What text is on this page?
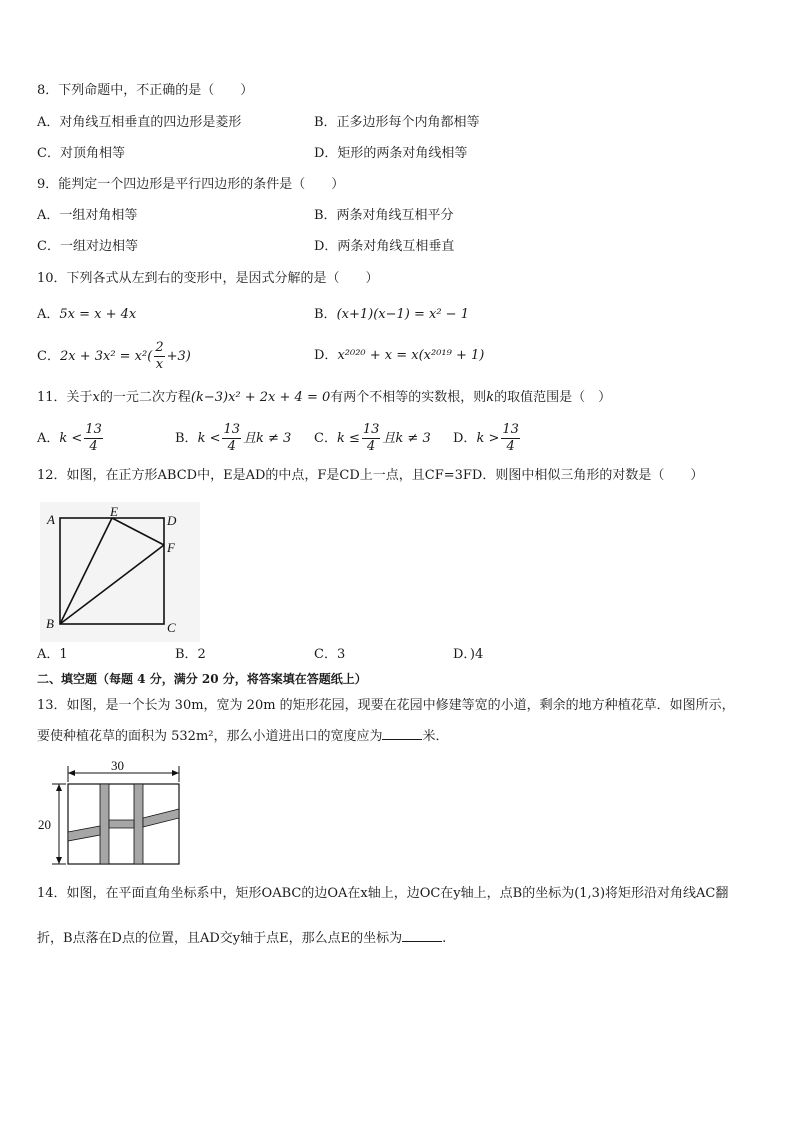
8．下列命题中，不正确的是（　　）
A．对角线互相垂直的四边形是菱形	B．正多边形每个内角都相等
C．对顶角相等	D．矩形的两条对角线相等
9．能判定一个四边形是平行四边形的条件是（　　）
A．一组对角相等	B．两条对角线互相平分
C．一组对边相等	D．两条对角线互相垂直
10．下列各式从左到右的变形中，是因式分解的是（　　）
A．5x = x + 4x	B．(x+1)(x−1) = x² − 1
C．$2x + 3x^2 = x^2( \frac{2}{x} +3)$	D．x²⁰²⁰ + x = x(x²⁰¹⁹ + 1)
11．关于x的一元二次方程(k−3)x² + 2x + 4 = 0有两个不相等的实数根，则k的取值范围是（　）
A．$k < \frac{13}{4}$	B．$k < \frac{13}{4}$ 且k ≠ 3 C．$k \le \frac{13}{4}$ 且k ≠ 3 D．$k > \frac{13}{4}$
12．如图，在正方形ABCD中，E是AD的中点，F是CD上一点，且CF=3FD．则图中相似三角形的对数是（　　）
A
E
D
F
B	C
A．1	B．2	C．3	D．)4
二、填空题（每题 4 分，满分 20 分，将答案填在答题纸上）
13．如图，是一个长为 30m，宽为 20m 的矩形花园，现要在花园中修建等宽的小道，剩余的地方种植花草．如图所示，
要使种植花草的面积为 532m²，那么小道进出口的宽度应为	米．
30
20
14．如图，在平面直角坐标系中，矩形OABC的边OA在x轴上，边OC在y轴上，点B的坐标为(1,3)将矩形沿对角线AC翻
折，B点落在D点的位置，且AD交y轴于点E，那么点E的坐标为	.
